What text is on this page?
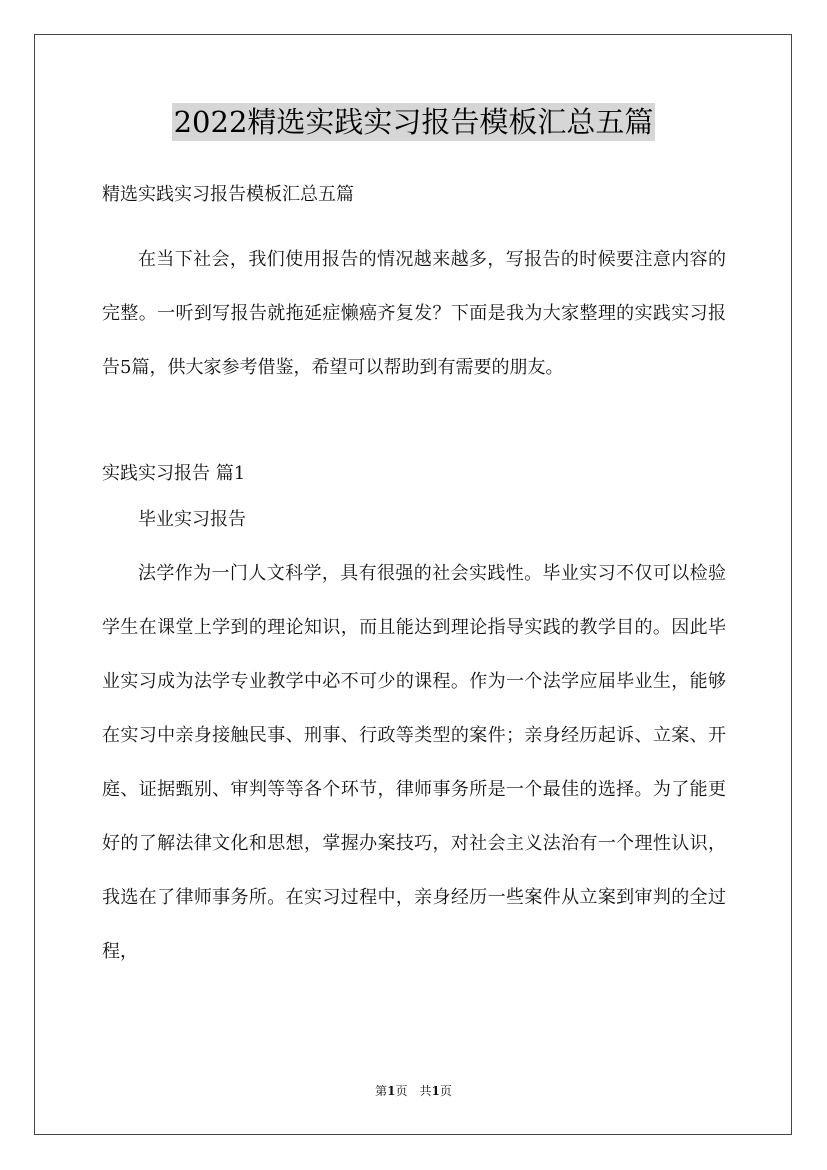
2022精选实践实习报告模板汇总五篇
精选实践实习报告模板汇总五篇

在当下社会，我们使用报告的情况越来越多，写报告的时候要注意内容的完整。一听到写报告就拖延症懒癌齐复发？下面是我为大家整理的实践实习报告5篇，供大家参考借鉴，希望可以帮助到有需要的朋友。

实践实习报告 篇1

毕业实习报告

法学作为一门人文科学，具有很强的社会实践性。毕业实习不仅可以检验学生在课堂上学到的理论知识，而且能达到理论指导实践的教学目的。因此毕业实习成为法学专业教学中必不可少的课程。作为一个法学应届毕业生，能够在实习中亲身接触民事、刑事、行政等类型的案件；亲身经历起诉、立案、开庭、证据甄别、审判等等各个环节，律师事务所是一个最佳的选择。为了能更好的了解法律文化和思想，掌握办案技巧，对社会主义法治有一个理性认识，我选在了律师事务所。在实习过程中，亲身经历一些案件从立案到审判的全过程，

第1页　共1页
